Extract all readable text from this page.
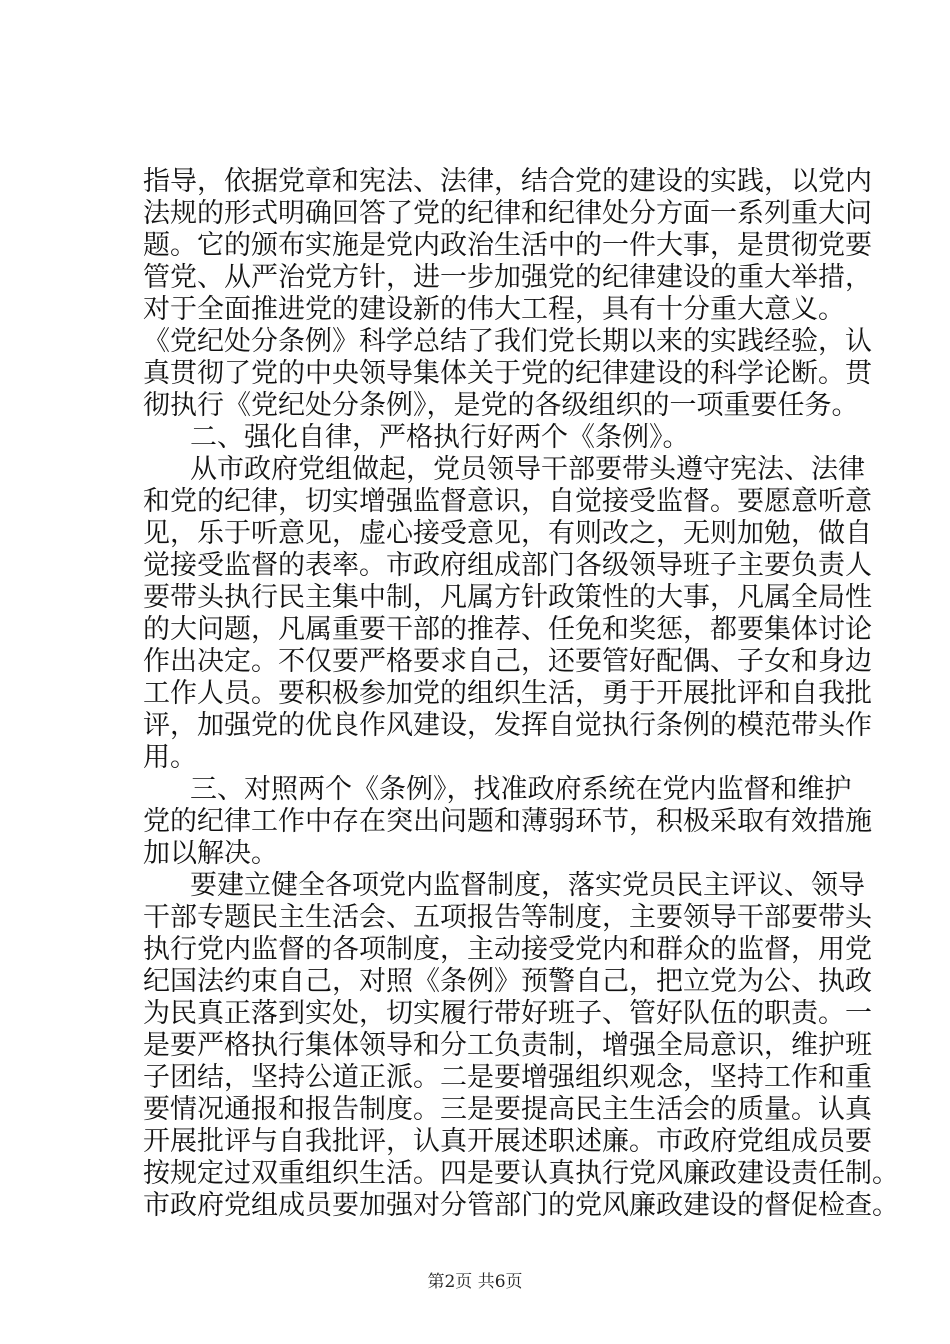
指导，依据党章和宪法、法律，结合党的建设的实践，以党内
法规的形式明确回答了党的纪律和纪律处分方面一系列重大问
题。它的颁布实施是党内政治生活中的一件大事，是贯彻党要
管党、从严治党方针，进一步加强党的纪律建设的重大举措，
对于全面推进党的建设新的伟大工程，具有十分重大意义。
《党纪处分条例》科学总结了我们党长期以来的实践经验，认
真贯彻了党的中央领导集体关于党的纪律建设的科学论断。贯
彻执行《党纪处分条例》，是党的各级组织的一项重要任务。
二、强化自律，严格执行好两个《条例》。
从市政府党组做起，党员领导干部要带头遵守宪法、法律
和党的纪律，切实增强监督意识，自觉接受监督。要愿意听意
见，乐于听意见，虚心接受意见，有则改之，无则加勉，做自
觉接受监督的表率。市政府组成部门各级领导班子主要负责人
要带头执行民主集中制，凡属方针政策性的大事，凡属全局性
的大问题，凡属重要干部的推荐、任免和奖惩，都要集体讨论
作出决定。不仅要严格要求自己，还要管好配偶、子女和身边
工作人员。要积极参加党的组织生活，勇于开展批评和自我批
评，加强党的优良作风建设，发挥自觉执行条例的模范带头作
用。
三、对照两个《条例》，找准政府系统在党内监督和维护
党的纪律工作中存在突出问题和薄弱环节，积极采取有效措施
加以解决。
要建立健全各项党内监督制度，落实党员民主评议、领导
干部专题民主生活会、五项报告等制度，主要领导干部要带头
执行党内监督的各项制度，主动接受党内和群众的监督，用党
纪国法约束自己，对照《条例》预警自己，把立党为公、执政
为民真正落到实处，切实履行带好班子、管好队伍的职责。一
是要严格执行集体领导和分工负责制，增强全局意识，维护班
子团结，坚持公道正派。二是要增强组织观念，坚持工作和重
要情况通报和报告制度。三是要提高民主生活会的质量。认真
开展批评与自我批评，认真开展述职述廉。市政府党组成员要
按规定过双重组织生活。四是要认真执行党风廉政建设责任制。
市政府党组成员要加强对分管部门的党风廉政建设的督促检查。
第2页 共6页
